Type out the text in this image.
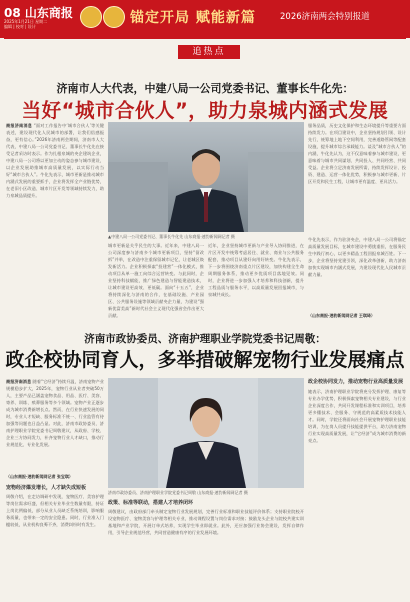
08 山东商报
2025年1月21日 星期二
编辑 | 校对 | 设计
锚定开局 赋能新篇	2026济南两会特别报道
追热点
济南市人大代表，中建八局一公司党委书记、董事长牛化先：
当好“城市合伙人”，助力泉城内涵式发展
商报济南消息 “面对工作报告中‘城市合伙人’等关键表述，建设现代化人民城市的部署，让我们倍感振奋，更有信心。”2026年济南两会期间，济南市人大代表，中建八局一公司党委书记、董事长牛化先在接受记者采访时表示。作为扎根泉城的央企建筑企业，中建八局一公司将以更加主动的姿态参与城市建设，以企业发展助推城市高质量发展，以实际行动当好“城市合伙人”。牛化先表示，城市更新是推动城市内涵式发展的重要抓手，企业将发挥全产业链优势，在老旧小区改造、城市片区开发等领域持续发力，助力泉城品质提升。
▲中建八局一公司党委书记、董事长牛化先 山东商报·速豹新闻网记者 摄
城市更新是关乎民生的大事。近年来，中建八局一公司深度参与济南多个城市更新项目，坚持“留改拆”并举，在改造中注重保留城市记忆，让老城区焕发新活力。企业积极探索“投建营”一体化模式，推动项目从单一施工向综合运营转变。与此同时，企业坚持科技赋能，推广绿色建造与智能建造技术，让城市建设更高效、更低碳。面向“十五五”，企业将持续深化与济南的合作，在基础设施、产业园区、公共服务设施等领域贡献央企力量，为建设“强新优富美高”新时代社会主义现代化强省会作出更大贡献。
近年，企业坚持城市更新与产业导入协同推进，在片区开发中统筹考虑居住、就业、商业与公共服务配套，推动项目从建好向用好转变。牛化先表示，下一步将围绕济南重点片区建设，加快构建全生命周期服务体系，推动更多优质项目落地见效。同时，企业将进一步加强人才培养和科技创新，提升工程品质与服务水平，以高质量发展回报城市，与泉城共成长。
服务品质，历史文化保护和生态环境提升等重要方面持续发力。在项目建设中，企业坚持规划引领、设计先行，统筹地上地下空间利用，完善道路管网等配套设施，提升城市综合承载能力。谈及“城市合伙人”的内涵，牛化先认为，这不仅意味着参与城市建设，更意味着与城市共同谋划、共同投入、共同经营、共同受益。企业将立足济南发展所需，持续发挥设计、投资、建造、运营一体化优势，积极参与城市更新、片区开发和民生工程，让城市更有温度、更具活力。
牛化先表示，作为驻济央企，中建八局一公司将锚定高质量发展目标，在城市建设中勇挑重担，在服务民生中践行初心，以更多精品工程回报泉城百姓。下一步，企业将坚持党建引领，深化改革创新，助力济南加快实现城市内涵式发展，为建设现代化人民城市贡献力量。
（山东商报·速豹新闻网记者 王琪琦）
济南市政协委员、济南护理职业学院党委书记周敬：
政企校协同育人，多举措破解宠物行业发展痛点
商报济南消息 随着“它经济”持续升温，济南宠物产业规模稳步扩大，2025年，宠物行业从业者突破50万人，主要产品已涵盖宠物食品、用品、医疗、美容、寄养、训练、殡葬服务等多个领域。宠物产业正逐步成为城市消费新增长点。然而，在行业快速发展的同时，专业人才短缺、服务标准不统一、行业监管有待加强等问题也日益凸显。对此，济南市政协委员、济南护理职业学院党委书记周敬建议，从政府、学校、企业三方协同发力，补齐宠物行业人才缺口，推动行业规范化、专业化发展。
（山东商报·速豹新闻网记者 张宝琪）
宠物经济爆发增长，人才缺失成短板
周敬介绍，在走访调研中发现，宠物医疗、美容护理等岗位需求旺盛，但相关专业毕业生数量有限，持证上岗比例偏低，部分从业人员缺乏系统培训，影响服务质量，也带来一定的安全隐患。同时，行业准入门槛较低，从业机构良莠不齐，消费纠纷时有发生。
济南市政协委员、济南护理职业学院党委书记周敬 山东商报·速豹新闻网记者 摄
政策、标准等联动，搭建人才培养闭环
周敬建议，由政府部门牵头制定宠物行业发展规划，完善行业标准和职业技能评价体系；支持职业院校开设宠物医疗、宠物美容与护理等相关专业，推动课程设置与岗位需求对接；鼓励龙头企业与院校共建实训基地和产业学院，开展订单式培养，实现学生毕业即就业。此外，还应加强行业协会建设，发挥自律作用，引导企业规范经营，共同营造健康有序的行业发展环境。
政企校协同发力，推动宠物行业高质量发展
她表示，济南护理职业学院将充分发挥护理、康复等专业办学优势，积极探索宠物相关专业建设，与行业企业深度合作，共同开发课程标准和实训项目，培养更多懂技术、会服务、守规范的高素质技术技能人才。同时，学院还将面向社会开展宠物护理职业技能培训，为在岗人员提升技能提供平台，助力济南宠物行业实现高质量发展，让“它经济”成为城市消费的新亮点。
